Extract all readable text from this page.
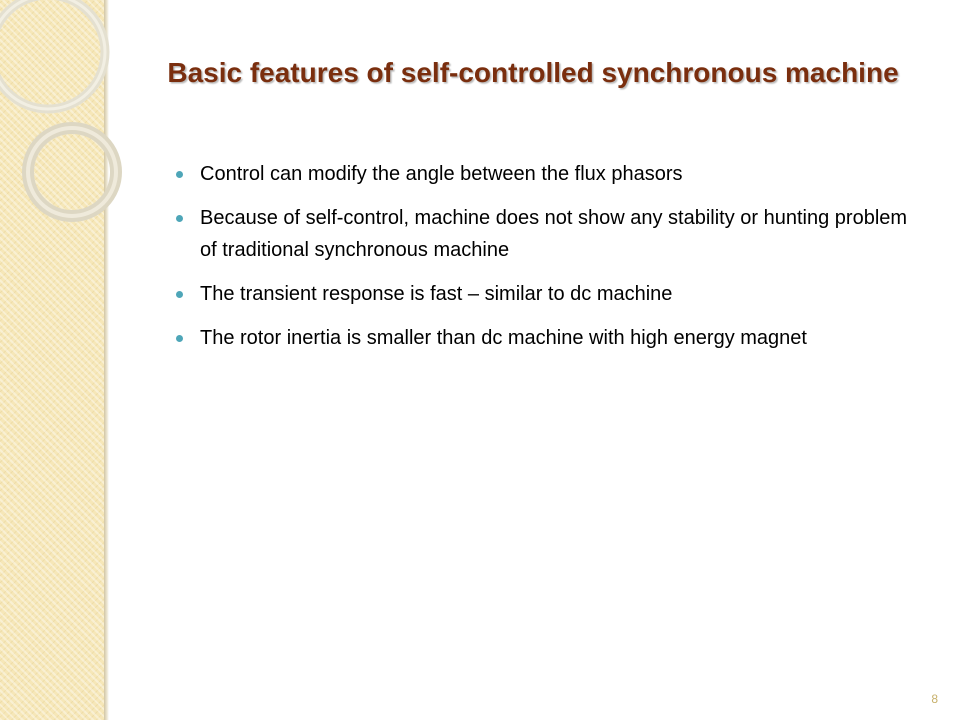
Basic features of self-controlled synchronous machine
Control can modify the angle between the flux phasors
Because of self-control, machine does not show any stability or hunting problem of traditional synchronous machine
The transient response is fast – similar to dc machine
The rotor inertia is smaller than dc machine with high energy magnet
8
